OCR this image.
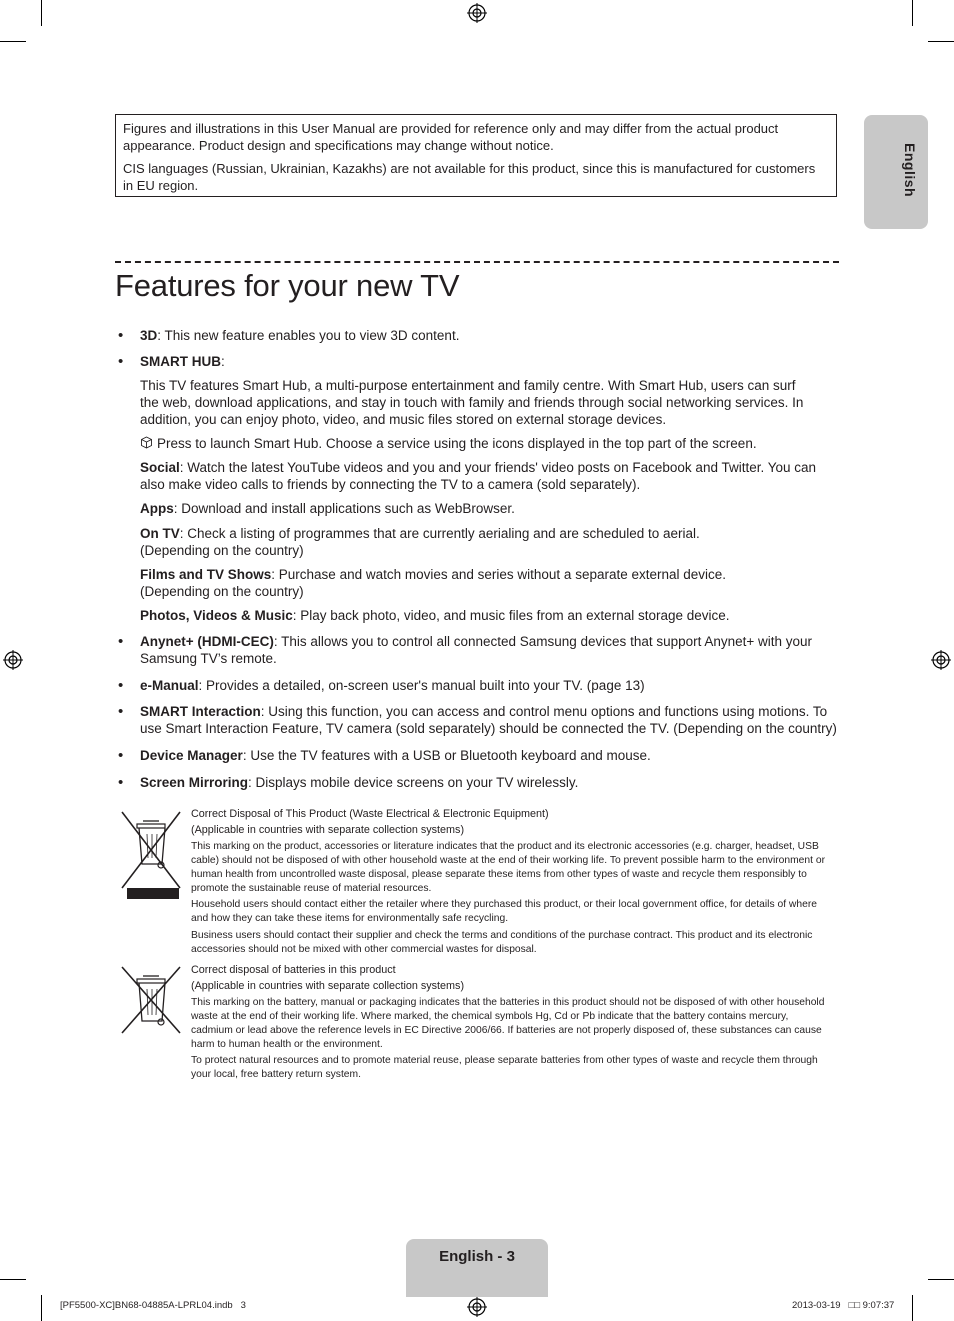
English

Figures and illustrations in this User Manual are provided for reference only and may differ from the actual product appearance. Product design and specifications may change without notice.

CIS languages (Russian, Ukrainian, Kazakhs) are not available for this product, since this is manufactured for customers in EU region.

Features for your new TV
• 3D: This new feature enables you to view 3D content.
• SMART HUB:
This TV features Smart Hub, a multi-purpose entertainment and family centre. With Smart Hub, users can surf the web, download applications, and stay in touch with family and friends through social networking services. In addition, you can enjoy photo, video, and music files stored on external storage devices.
Press to launch Smart Hub. Choose a service using the icons displayed in the top part of the screen.
Social: Watch the latest YouTube videos and you and your friends' video posts on Facebook and Twitter. You can also make video calls to friends by connecting the TV to a camera (sold separately).
Apps: Download and install applications such as WebBrowser.
On TV: Check a listing of programmes that are currently aerialing and are scheduled to aerial.
(Depending on the country)
Films and TV Shows: Purchase and watch movies and series without a separate external device.
(Depending on the country)
Photos, Videos & Music: Play back photo, video, and music files from an external storage device.
• Anynet+ (HDMI-CEC): This allows you to control all connected Samsung devices that support Anynet+ with your Samsung TV’s remote.
• e-Manual: Provides a detailed, on-screen user's manual built into your TV. (page 13)
• SMART Interaction: Using this function, you can access and control menu options and functions using motions. To use Smart Interaction Feature, TV camera (sold separately) should be connected the TV. (Depending on the country)
• Device Manager: Use the TV features with a USB or Bluetooth keyboard and mouse.
• Screen Mirroring: Displays mobile device screens on your TV wirelessly.
Correct Disposal of This Product (Waste Electrical & Electronic Equipment)
(Applicable in countries with separate collection systems)
This marking on the product, accessories or literature indicates that the product and its electronic accessories (e.g. charger, headset, USB cable) should not be disposed of with other household waste at the end of their working life. To prevent possible harm to the environment or human health from uncontrolled waste disposal, please separate these items from other types of waste and recycle them responsibly to promote the sustainable reuse of material resources.
Household users should contact either the retailer where they purchased this product, or their local government office, for details of where and how they can take these items for environmentally safe recycling.
Business users should contact their supplier and check the terms and conditions of the purchase contract. This product and its electronic accessories should not be mixed with other commercial wastes for disposal.
Correct disposal of batteries in this product
(Applicable in countries with separate collection systems)
This marking on the battery, manual or packaging indicates that the batteries in this product should not be disposed of with other household waste at the end of their working life. Where marked, the chemical symbols Hg, Cd or Pb indicate that the battery contains mercury, cadmium or lead above the reference levels in EC Directive 2006/66. If batteries are not properly disposed of, these substances can cause harm to human health or the environment.
To protect natural resources and to promote material reuse, please separate batteries from other types of waste and recycle them through your local, free battery return system.
English - 3
[PF5500-XC]BN68-04885A-LPRL04.indb   3	2013-03-19   □□ 9:07:37
